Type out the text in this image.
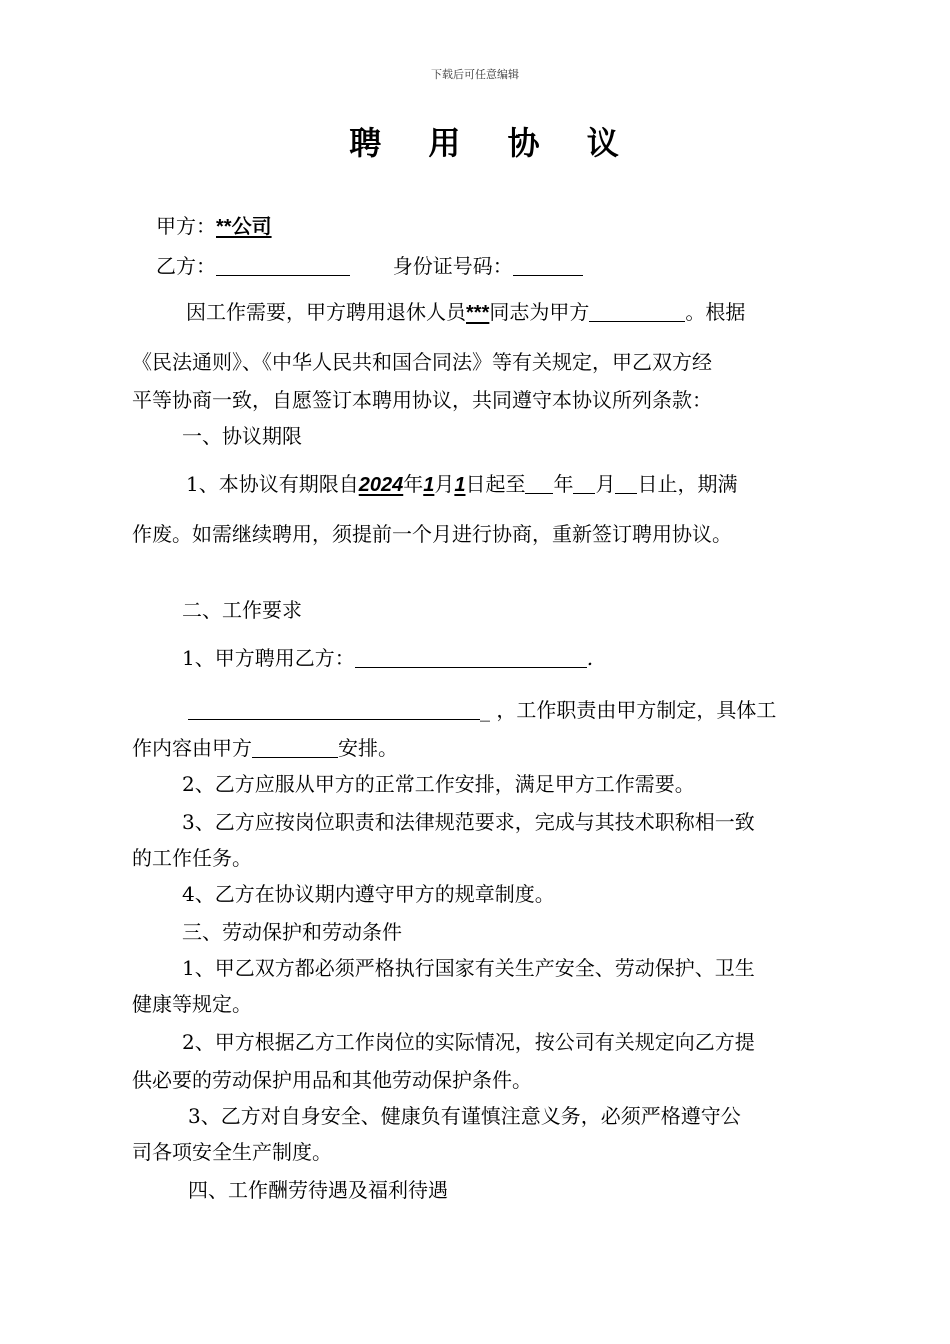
下载后可任意编辑
聘 用 协 议
甲方：**公司
乙方：	身份证号码：
因工作需要，甲方聘用退休人员***同志为甲方	。根据
《民法通则》、《中华人民共和国合同法》等有关规定，甲乙双方经
平等协商一致，自愿签订本聘用协议，共同遵守本协议所列条款：
一、协议期限
1、本协议有期限自2024年1月1日起至 年 月 日止，期满
作废。如需继续聘用，须提前一个月进行协商，重新签订聘用协议。
二、工作要求
1、甲方聘用乙方：	.
_ ，工作职责由甲方制定，具体工
作内容由甲方	安排。
2、乙方应服从甲方的正常工作安排，满足甲方工作需要。
3、乙方应按岗位职责和法律规范要求，完成与其技术职称相一致
的工作任务。
4、乙方在协议期内遵守甲方的规章制度。
三、劳动保护和劳动条件
1、甲乙双方都必须严格执行国家有关生产安全、劳动保护、卫生
健康等规定。
2、甲方根据乙方工作岗位的实际情况，按公司有关规定向乙方提
供必要的劳动保护用品和其他劳动保护条件。
3、乙方对自身安全、健康负有谨慎注意义务，必须严格遵守公
司各项安全生产制度。
四、工作酬劳待遇及福利待遇
